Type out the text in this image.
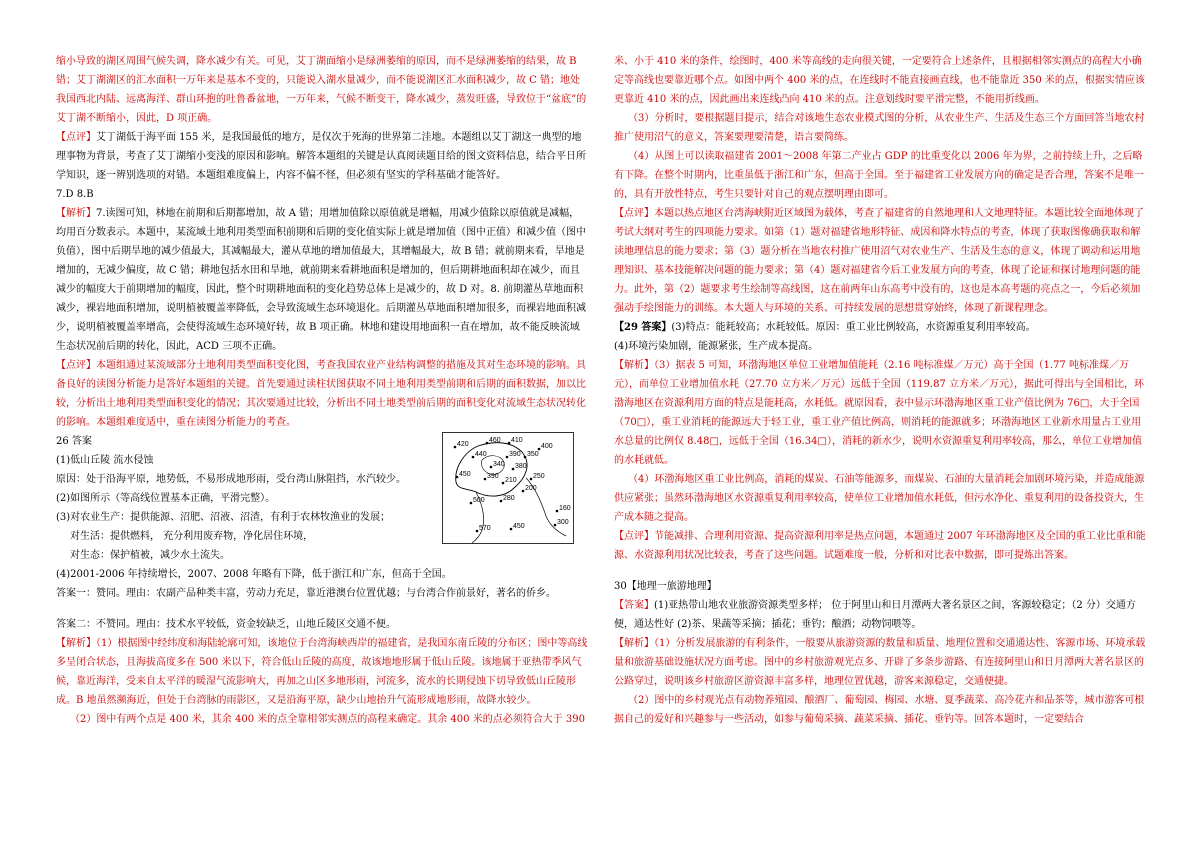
缩小导致的湖区周围气候失调，降水减少有关。可见，艾丁湖面缩小是绿洲萎缩的原因，而不是绿洲萎缩的结果，故 B 错；艾丁湖湖区的汇水面积一万年来是基本不变的，只能说入湖水量减少，而不能说湖区汇水面积减少，故 C 错；地处我国西北内陆、远离海洋、群山环抱的吐鲁番盆地，一万年来，气候不断变干，降水减少，蒸发旺盛，导致位于“盆底”的艾丁湖不断缩小，因此，D 项正确。

【点评】艾丁湖低于海平面 155 米，是我国最低的地方，是仅次于死海的世界第二洼地。本题组以艾丁湖这一典型的地理事物为背景，考查了艾丁湖缩小变浅的原因和影响。解答本题组的关键是认真阅读题目给的图文资料信息，结合平日所学知识，逐一辨别选项的对错。本题组难度偏上，内容不偏不怪，但必须有坚实的学科基础才能答好。

7.D 8.B

【解析】7.读图可知，林地在前期和后期都增加，故 A 错；用增加值除以原值就是增幅，用减少值除以原值就是减幅，均用百分数表示。本题中，某流域土地利用类型面积前期和后期的变化值实际上就是增加值（图中正值）和减少值（图中负值），图中后期旱地的减少值最大，其减幅最大，灌从草地的增加值最大，其增幅最大，故 B 错；就前期来看，旱地是增加的，无减少偏度，故 C 错；耕地包括水田和旱地，就前期来看耕地面积是增加的，但后期耕地面积却在减少，而且减少的幅度大于前期增加的幅度，因此，整个时期耕地面积的变化趋势总体上是减少的，故 D 对。8. 前期灌丛草地面积减少，裸岩地面积增加，说明植被覆盖率降低，会导致流域生态环境退化。后期灌丛草地面积增加很多，而裸岩地面积减少，说明植被覆盖率增高，会使得流域生态环境好转，故 B 项正确。林地和建设用地面积一直在增加，故不能反映流域生态状况前后期的转化，因此，ACD 三项不正确。

【点评】本题组通过某流域部分土地利用类型面积变化图，考查我国农业产业结构调整的措施及其对生态环境的影响。具备良好的读图分析能力是答好本题组的关键。首先要通过读柱状图获取不同土地利用类型前期和后期的面积数据，加以比较，分析出土地利用类型面积变化的情况；其次要通过比较，分析出不同土地类型前后期的面积变化对流域生态状况转化的影响。本题组难度适中，重在读图分析能力的考查。

26 答案

(1)低山丘陵 流水侵蚀

原因：处于沿海平原，地势低，不易形成地形雨，受台湾山脉阻挡，水汽较少。

(2)如图所示（等高线位置基本正确，平滑完整）。

(3)对农业生产：提供能源、沼肥、沼液、沼渣，有利于农林牧渔业的发展；

对生活：提供燃料， 充分利用废弃物，净化居住环境，

对生态：保护植被，减少水土流失。

420
460 410
400
350
390
440
340 380
450 390	250
210
200
500	280
160
570	450
300

(4)2001-2006 年持续增长，2007、2008 年略有下降，低于浙江和广东，但高于全国。

答案一：赞同。理由：农副产品种类丰富，劳动力充足，靠近港澳台位置优越；与台湾合作前景好，著名的侨乡。

答案二：不赞同。理由：技术水平较低，资金较缺乏，山地丘陵区交通不便。

【解析】（1）根据图中经纬度和海陆轮廓可知，该地位于台湾海峡西岸的福建省，是我国东南丘陵的分布区；图中等高线多呈闭合状态，且海拔高度多在 500 米以下，符合低山丘陵的高度，故该地地形属于低山丘陵。该地属于亚热带季风气候，靠近海洋，受来自太平洋的暖湿气流影响大，再加之山区多地形雨，河流多，流水的长期侵蚀下切导致低山丘陵形成。B 地虽然濒海近，但处于台湾脉的雨影区，又是沿海平原，缺少山地抬升气流形成地形雨，故降水较少。

（2）图中有两个点是 400 米，其余 400 米的点全靠相邻实测点的高程来确定。其余 400 米的点必须符合大于 390

米、小于 410 米的条件，绘图时，400 米等高线的走向很关键，一定要符合上述条件，且根据相邻实测点的高程大小确定等高线也要靠近哪个点。如图中两个 400 米的点，在连线时不能直接画直线，也不能靠近 350 米的点，根据实情应该更靠近 410 米的点，因此画出来连线凸向 410 米的点。注意划线时要平滑完整，不能用折线画。

（3）分析时，要根据题目提示，结合对该地生态农业模式图的分析，从农业生产、生活及生态三个方面回答当地农村推广使用沼气的意义，答案要理要清楚，语言要简练。

（4）从图上可以读取福建省 2001～2008 年第二产业占 GDP 的比重变化以 2006 年为界，之前持续上升，之后略有下降。在整个时期内，比重虽低于浙江和广东，但高于全国。至于福建省工业发展方向的确定是否合理，答案不是唯一的，具有开放性特点，考生只要针对自己的观点摆明理由即可。

【点评】本题以热点地区台湾海峡附近区域图为载体，考查了福建省的自然地理和人文地理特征。本题比较全面地体现了考试大纲对考生的四项能力要求。如第（1）题对福建省地形特征、成因和降水特点的考查，体现了获取图像确获取和解读地理信息的能力要求；第（3）题分析在当地农村推广使用沼气对农业生产、生活及生态的意义，体现了调动和运用地理知识、基本技能解决问题的能力要求；第（4）题对福建省今后工业发展方向的考查，体现了论证和探讨地理问题的能力。此外，第（2）题要求考生绘制等高线图，这在前两年山东高考中没有的，这也是本高考题的亮点之一，今后必须加强动手绘图能力的训练。本大题人与环境的关系、可持续发展的思想贯穿始终，体现了新课程理念。

【29 答案】(3)特点：能耗较高；水耗较低。原因：重工业比例较高，水资源重复利用率较高。

(4)环境污染加剧，能源紧张，生产成本提高。

【解析】（3）据表 5 可知，环渤海地区单位工业增加值能耗（2.16 吨标准煤／万元）高于全国（1.77 吨标准煤／万元），而单位工业增加值水耗（27.70 立方米／万元）远低于全国（119.87 立方米／万元），据此可得出与全国相比，环渤海地区在资源利用方面的特点是能耗高，水耗低。就原因看，表中显示环渤海地区重工业产值比例为 76□，大于全国（70□），重工业消耗的能源远大于轻工业，重工业产值比例高，则消耗的能源就多；环渤海地区工业新水用量占工业用水总量的比例仅 8.48□，远低于全国（16.34□），消耗的新水少，说明水资源重复利用率较高，那么，单位工业增加值的水耗就低。

（4）环渤海地区重工业比例高，消耗的煤炭、石油等能源多，而煤炭、石油的大量消耗会加剧环境污染，并造成能源供应紧张；虽然环渤海地区水资源重复利用率较高，使单位工业增加值水耗低，但污水净化、重复利用的设备投资大，生产成本随之提高。

【点评】节能减排、合理利用资源、提高资源利用率是热点问题，本题通过 2007 年环渤海地区及全国的重工业比重和能源、水资源利用状况比较表，考查了这些问题。试题难度一般，分析和对比表中数据，即可提炼出答案。

30【地理一旅游地理】

【答案】(1)亚热带山地农业旅游资源类型多样； 位于阿里山和日月潭两大著名景区之间，客源较稳定；（2 分）交通方便，通达性好 (2)茶、果蔬等采摘；插花；垂钓；酿酒；动物饲喂等。

【解析】（1）分析发展旅游的有利条件，一般要从旅游资源的数量和质量、地理位置和交通通达性、客源市场、环境承载量和旅游基础设施状况方面考虑。图中的乡村旅游观光点多、开辟了多条步游路、有连接阿里山和日月潭两大著名景区的公路穿过，说明该乡村旅游区游资源丰富多样，地理位置优越，游客来源稳定，交通便捷。

（2）图中的乡村观光点有动物养殖园、酿酒厂、葡萄园、梅园、水塘、夏季蔬菜、高冷花卉和品茶等，城市游客可根据自己的爱好和兴趣参与一些活动，如参与葡萄采摘、蔬菜采摘、插花、垂钓等。回答本题时，一定要结合
